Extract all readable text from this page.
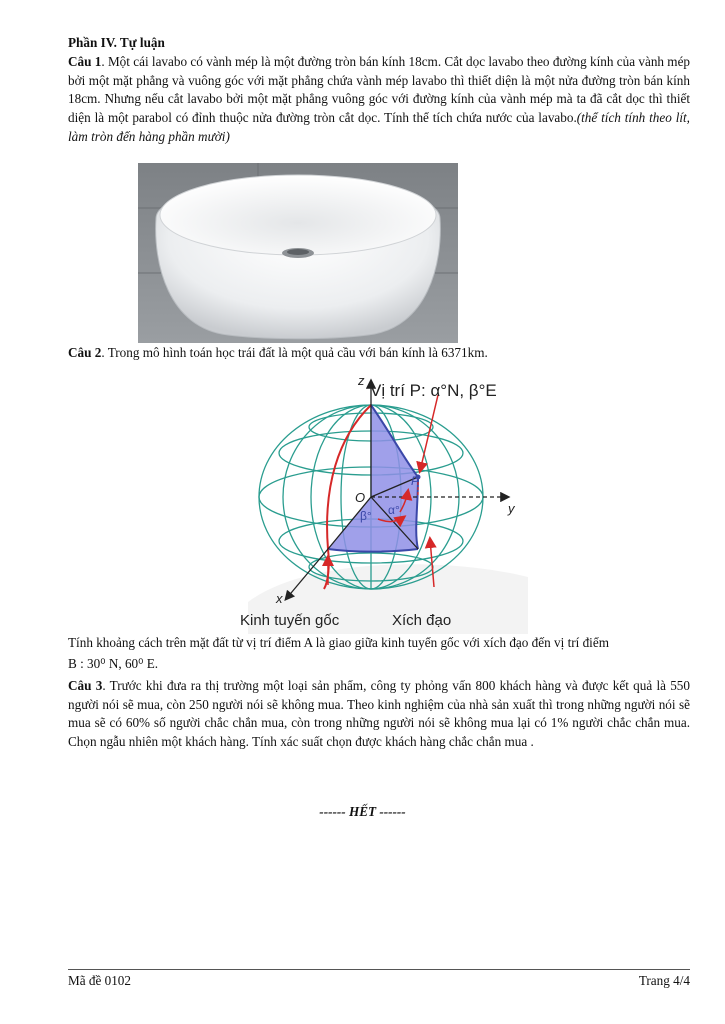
Phần IV. Tự luận

Câu 1. Một cái lavabo có vành mép là một đường tròn bán kính 18cm. Cắt dọc lavabo theo đường kính của vành mép bởi một mặt phẳng và vuông góc với mặt phẳng chứa vành mép lavabo thì thiết diện là một nửa đường tròn bán kính 18cm. Nhưng nếu cắt lavabo bởi một mặt phẳng vuông góc với đường kính của vành mép mà ta đã cắt dọc thì thiết diện là một parabol có đỉnh thuộc nửa đường tròn cắt dọc. Tính thể tích chứa nước của lavabo.(thể tích tính theo lít, làm tròn đến hàng phần mười)

Câu 2. Trong mô hình toán học trái đất là một quả cầu với bán kính là 6371km.

z
y
x
O
P
α°
β°
Vị trí P: α°N, β°E
Kinh tuyến gốc	Xích đạo

Tính khoảng cách trên mặt đất từ vị trí điểm A là giao giữa kinh tuyến gốc với xích đạo đến vị trí điểm

B : 30⁰ N, 60⁰ E.

Câu 3. Trước khi đưa ra thị trường một loại sản phẩm, công ty phỏng vấn 800 khách hàng và được kết quả là 550 người nói sẽ mua, còn 250 người nói sẽ không mua. Theo kinh nghiệm của nhà sản xuất thì trong những người nói sẽ mua sẽ có 60% số người chắc chắn mua, còn trong những người nói sẽ không mua lại có 1% người chắc chắn mua. Chọn ngẫu nhiên một khách hàng. Tính xác suất chọn được khách hàng chắc chắn mua .

------ HẾT ------
Mã đề 0102	Trang 4/4
